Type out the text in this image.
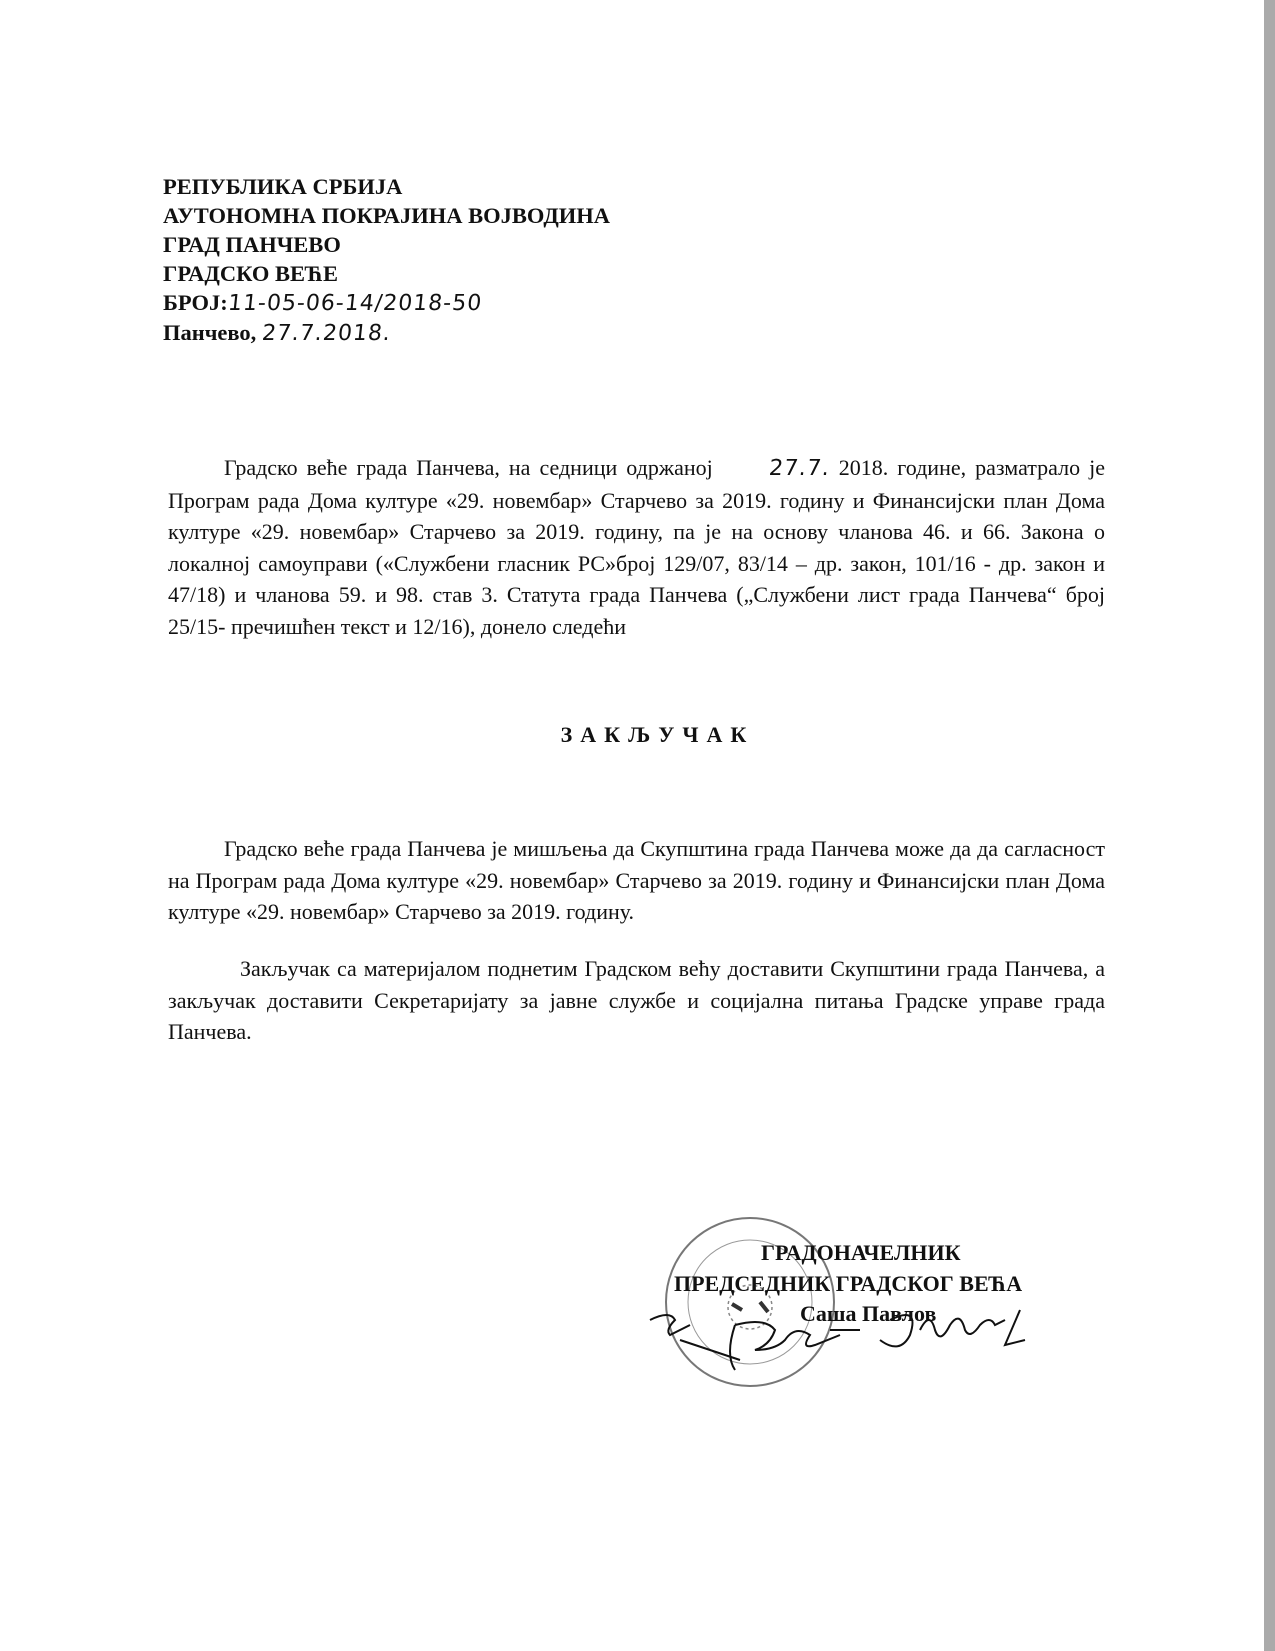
РЕПУБЛИКА СРБИЈА
АУТОНОМНА ПОКРАЈИНА ВОЈВОДИНА
ГРАД ПАНЧЕВО
ГРАДСКО ВЕЋЕ
БРОЈ:11-05-06-14/2018-50
Панчево, 27.7.2018.
Градско веће града Панчева, на седници одржаној 27.7. 2018. године, разматрало је Програм рада Дома културе «29. новембар» Старчево за 2019. годину и Финансијски план Дома културе «29. новембар» Старчево за 2019. годину, па је на основу чланова 46. и 66. Закона о локалној самоуправи («Службени гласник РС»број 129/07, 83/14 – др. закон, 101/16 - др. закон и 47/18) и чланова 59. и 98. став 3. Статута града Панчева („Службени лист града Панчева“ број 25/15- пречишћен текст и 12/16), донело следећи
ЗАКЉУЧАК
Градско веће града Панчева је мишљења да Скупштина града Панчева може да да сагласност на Програм рада Дома културе «29. новембар» Старчево за 2019. годину и Финансијски план Дома културе «29. новембар» Старчево за 2019. годину.
Закључак са материјалом поднетим Градском већу доставити Скупштини града Панчева, а закључак доставити Секретаријату за јавне службе и социјална питања Градске управе града Панчева.
ГРАДОНАЧЕЛНИК
ПРЕДСЕДНИК ГРАДСКОГ ВЕЋА
Саша Павлов
